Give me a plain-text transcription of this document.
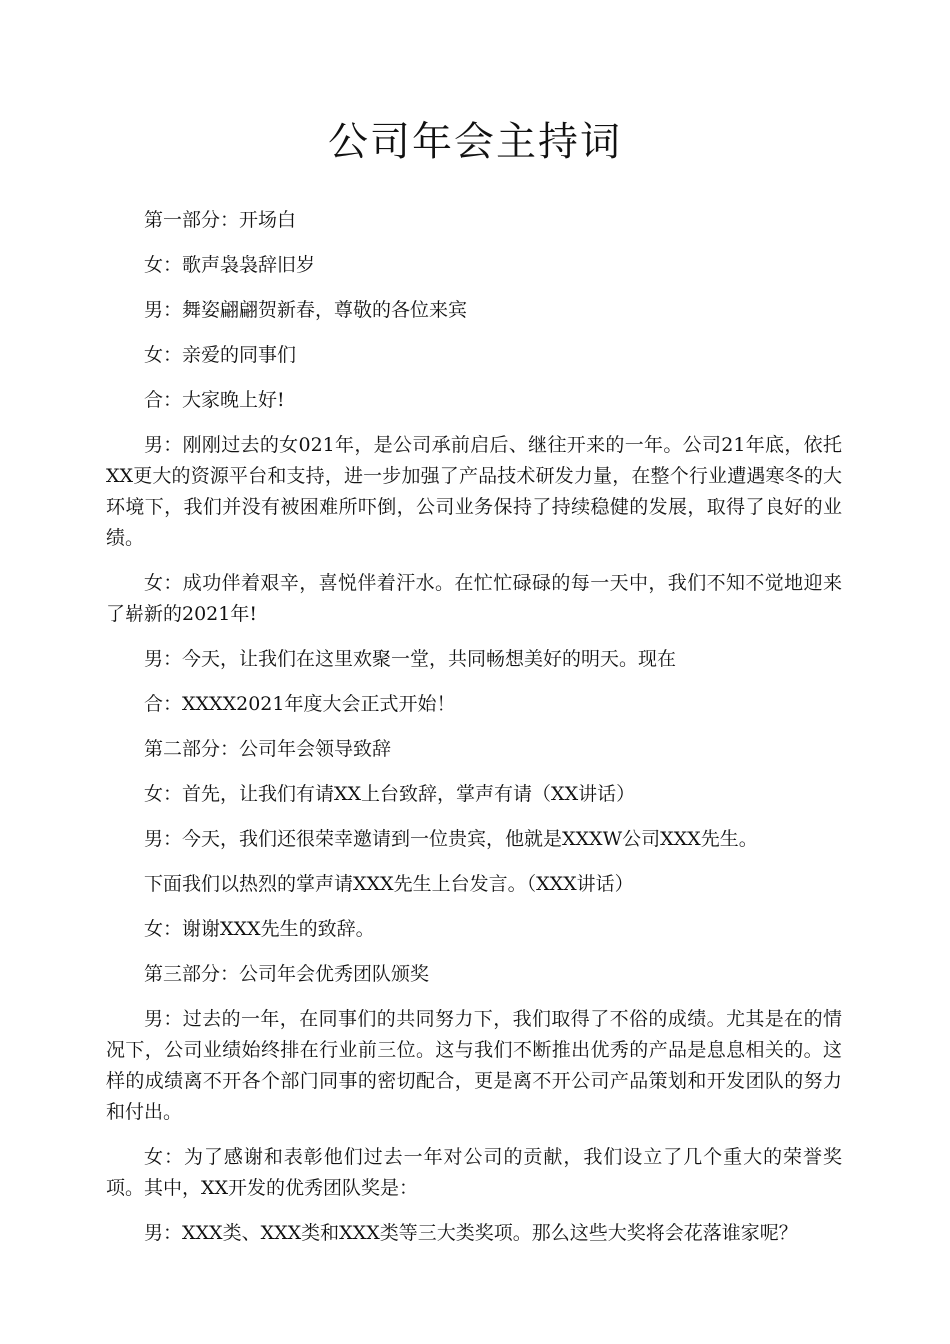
公司年会主持词

第一部分：开场白

女：歌声袅袅辞旧岁

男：舞姿翩翩贺新春，尊敬的各位来宾

女：亲爱的同事们

合：大家晚上好!

男：刚刚过去的女021年，是公司承前启后、继往开来的一年。公司21年底，依托XX更大的资源平台和支持，进一步加强了产品技术研发力量，在整个行业遭遇寒冬的大环境下，我们并没有被困难所吓倒，公司业务保持了持续稳健的发展，取得了良好的业绩。

女：成功伴着艰辛，喜悦伴着汗水。在忙忙碌碌的每一天中，我们不知不觉地迎来了崭新的2021年!

男：今天，让我们在这里欢聚一堂，共同畅想美好的明天。现在

合：XXXX2021年度大会正式开始！

第二部分：公司年会领导致辞

女：首先，让我们有请XX上台致辞，掌声有请（XX讲话）

男：今天，我们还很荣幸邀请到一位贵宾，他就是XXXW公司XXX先生。

下面我们以热烈的掌声请XXX先生上台发言。（XXX讲话）

女：谢谢XXX先生的致辞。

第三部分：公司年会优秀团队颁奖

男：过去的一年，在同事们的共同努力下，我们取得了不俗的成绩。尤其是在的情况下，公司业绩始终排在行业前三位。这与我们不断推出优秀的产品是息息相关的。这样的成绩离不开各个部门同事的密切配合，更是离不开公司产品策划和开发团队的努力和付出。

女：为了感谢和表彰他们过去一年对公司的贡献，我们设立了几个重大的荣誉奖项。其中，XX开发的优秀团队奖是：

男：XXX类、XXX类和XXX类等三大类奖项。那么这些大奖将会花落谁家呢？
